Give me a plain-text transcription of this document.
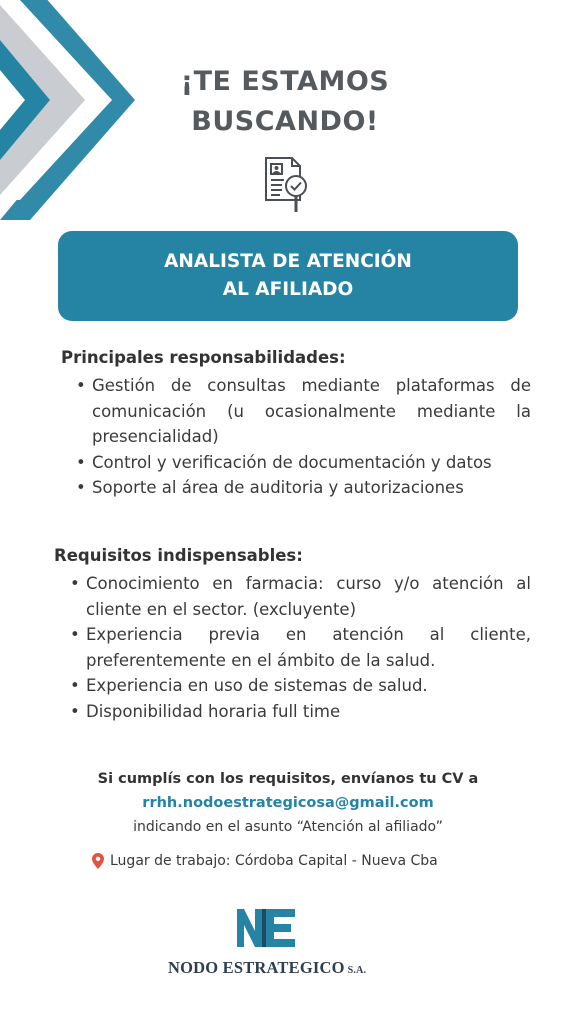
¡TE ESTAMOS
BUSCANDO!
ANALISTA DE ATENCIÓN
AL AFILIADO
Principales responsabilidades:
• Gestión de consultas mediante plataformas de comunicación (u ocasionalmente mediante la presencialidad)
• Control y verificación de documentación y datos
• Soporte al área de auditoria y autorizaciones
Requisitos indispensables:
• Conocimiento en farmacia: curso y/o atención al cliente en el sector. (excluyente)
• Experiencia previa en atención al cliente, preferentemente en el ámbito de la salud.
• Experiencia en uso de sistemas de salud.
• Disponibilidad horaria full time
Si cumplís con los requisitos, envíanos tu CV a
rrhh.nodoestrategicosa@gmail.com
indicando en el asunto “Atención al afiliado”
Lugar de trabajo: Córdoba Capital - Nueva Cba
NODO ESTRATEGICO S.A.
